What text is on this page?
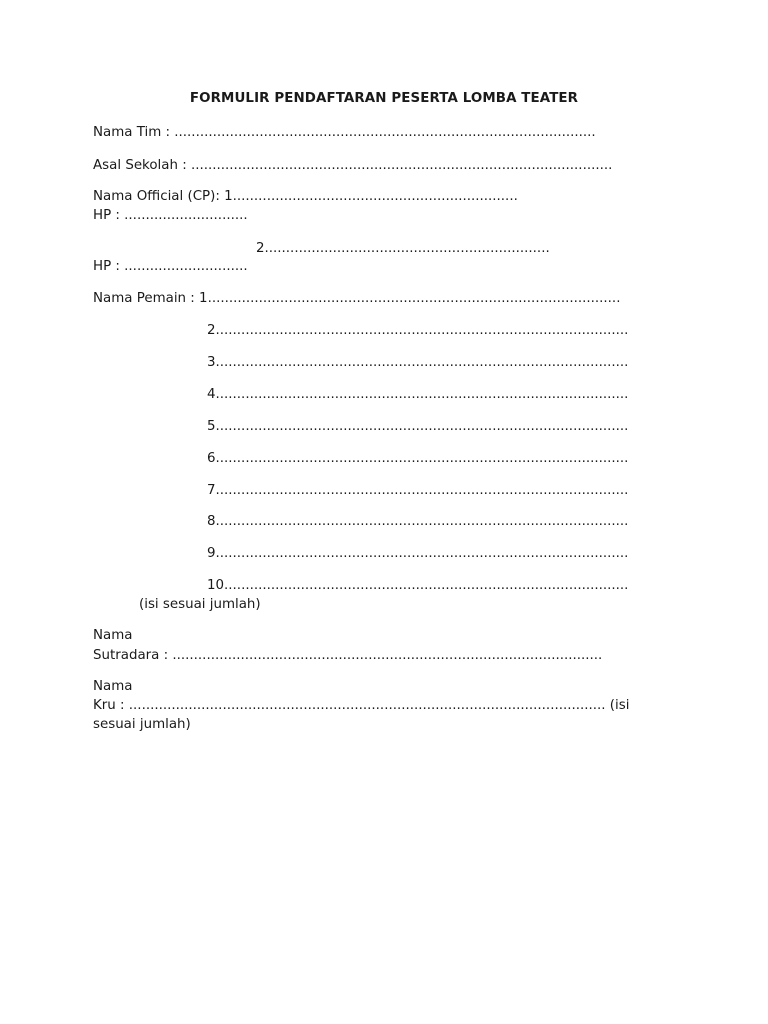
FORMULIR PENDAFTARAN PESERTA LOMBA TEATER
Nama Tim : ...................................................................................................
Asal Sekolah : ...................................................................................................
Nama Official (CP): 1...................................................................
HP : .............................
2...................................................................
HP : .............................
Nama Pemain : 1.................................................................................................
2.................................................................................................
3.................................................................................................
4.................................................................................................
5.................................................................................................
6.................................................................................................
7.................................................................................................
8.................................................................................................
9.................................................................................................
10...............................................................................................
(isi sesuai jumlah)
Nama
Sutradara : .....................................................................................................
Nama
Kru : ................................................................................................................ (isi
sesuai jumlah)
